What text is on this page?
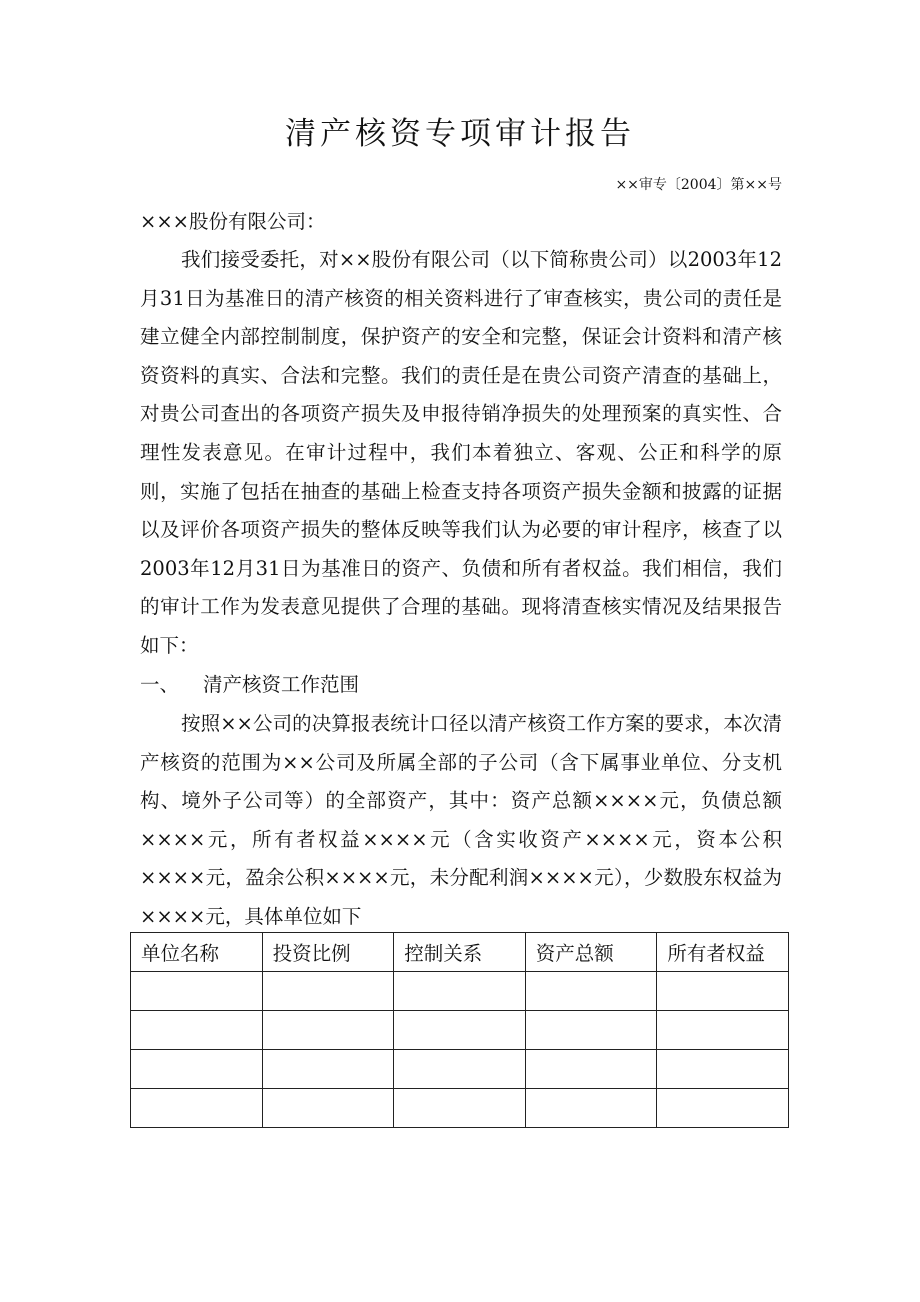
清产核资专项审计报告
××审专〔2004〕第××号
×××股份有限公司：
我们接受委托，对××股份有限公司（以下简称贵公司）以2003年12月31日为基准日的清产核资的相关资料进行了审查核实，贵公司的责任是建立健全内部控制制度，保护资产的安全和完整，保证会计资料和清产核资资料的真实、合法和完整。我们的责任是在贵公司资产清查的基础上，对贵公司查出的各项资产损失及申报待销净损失的处理预案的真实性、合理性发表意见。在审计过程中，我们本着独立、客观、公正和科学的原则，实施了包括在抽查的基础上检查支持各项资产损失金额和披露的证据以及评价各项资产损失的整体反映等我们认为必要的审计程序，核查了以2003年12月31日为基准日的资产、负债和所有者权益。我们相信，我们的审计工作为发表意见提供了合理的基础。现将清查核实情况及结果报告如下：
一、 清产核资工作范围
按照××公司的决算报表统计口径以清产核资工作方案的要求，本次清产核资的范围为××公司及所属全部的子公司（含下属事业单位、分支机构、境外子公司等）的全部资产，其中：资产总额××××元，负债总额××××元，所有者权益××××元（含实收资产××××元，资本公积××××元，盈余公积××××元，未分配利润××××元），少数股东权益为××××元，具体单位如下
单位名称	投资比例	控制关系	资产总额	所有者权益
